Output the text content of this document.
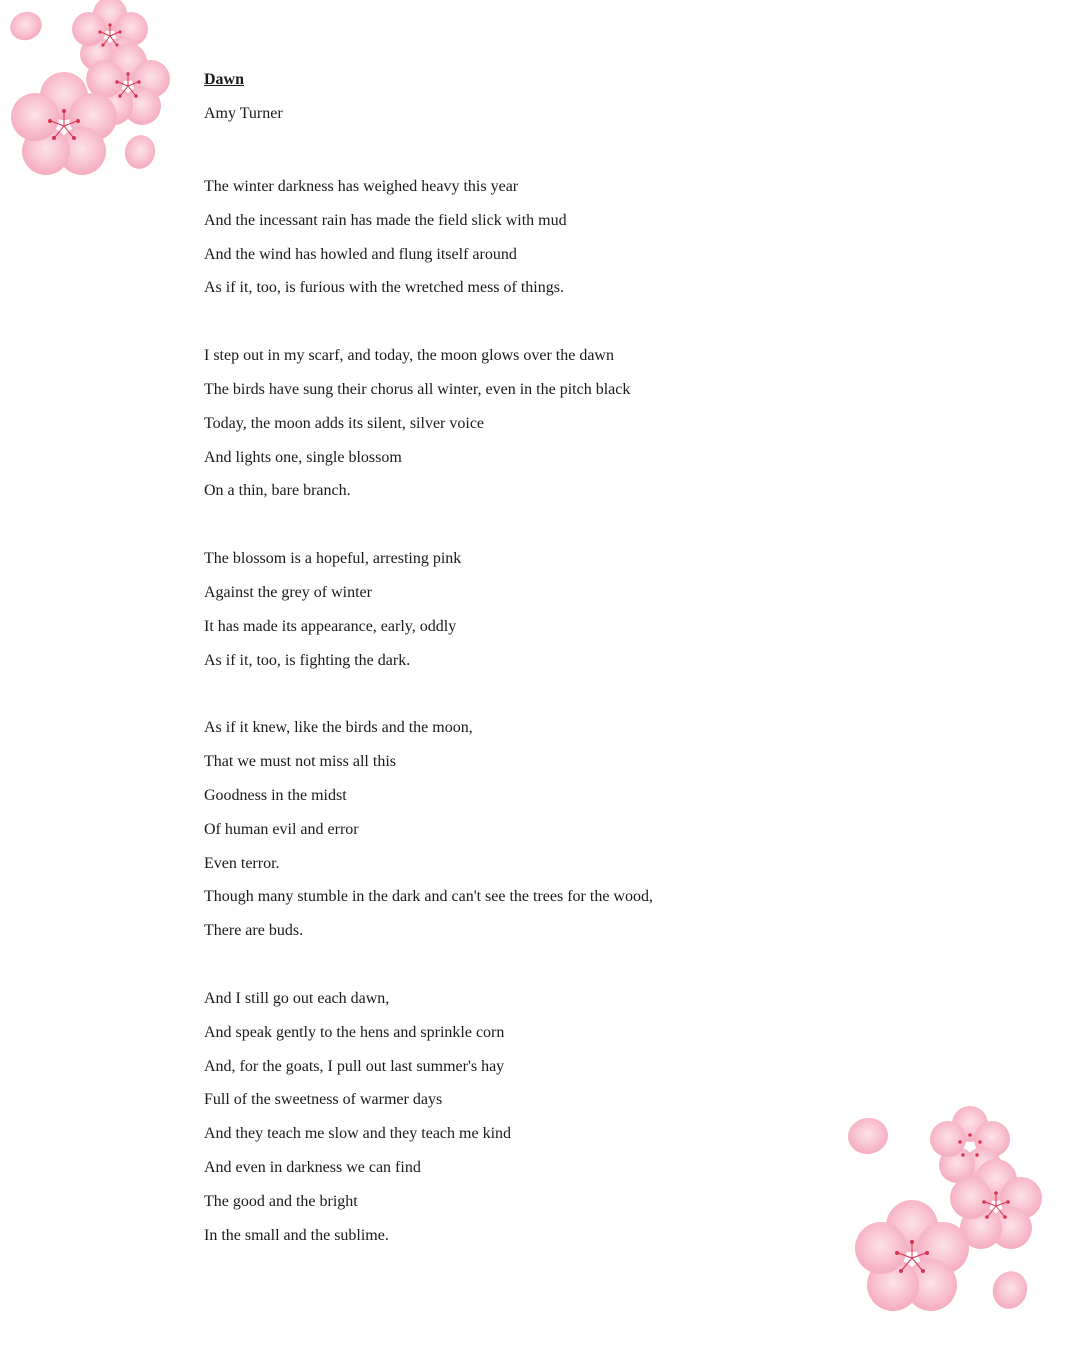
Dawn
Amy Turner
The winter darkness has weighed heavy this year
And the incessant rain has made the field slick with mud
And the wind has howled and flung itself around
As if it, too, is furious with the wretched mess of things.
I step out in my scarf, and today, the moon glows over the dawn
The birds have sung their chorus all winter, even in the pitch black
Today, the moon adds its silent, silver voice
And lights one, single blossom
On a thin, bare branch.
The blossom is a hopeful, arresting pink
Against the grey of winter
It has made its appearance, early, oddly
As if it, too, is fighting the dark.
As if it knew, like the birds and the moon,
That we must not miss all this
Goodness in the midst
Of human evil and error
Even terror.
Though many stumble in the dark and can't see the trees for the wood,
There are buds.
And I still go out each dawn,
And speak gently to the hens and sprinkle corn
And, for the goats, I pull out last summer's hay
Full of the sweetness of warmer days
And they teach me slow and they teach me kind
And even in darkness we can find
The good and the bright
In the small and the sublime.
